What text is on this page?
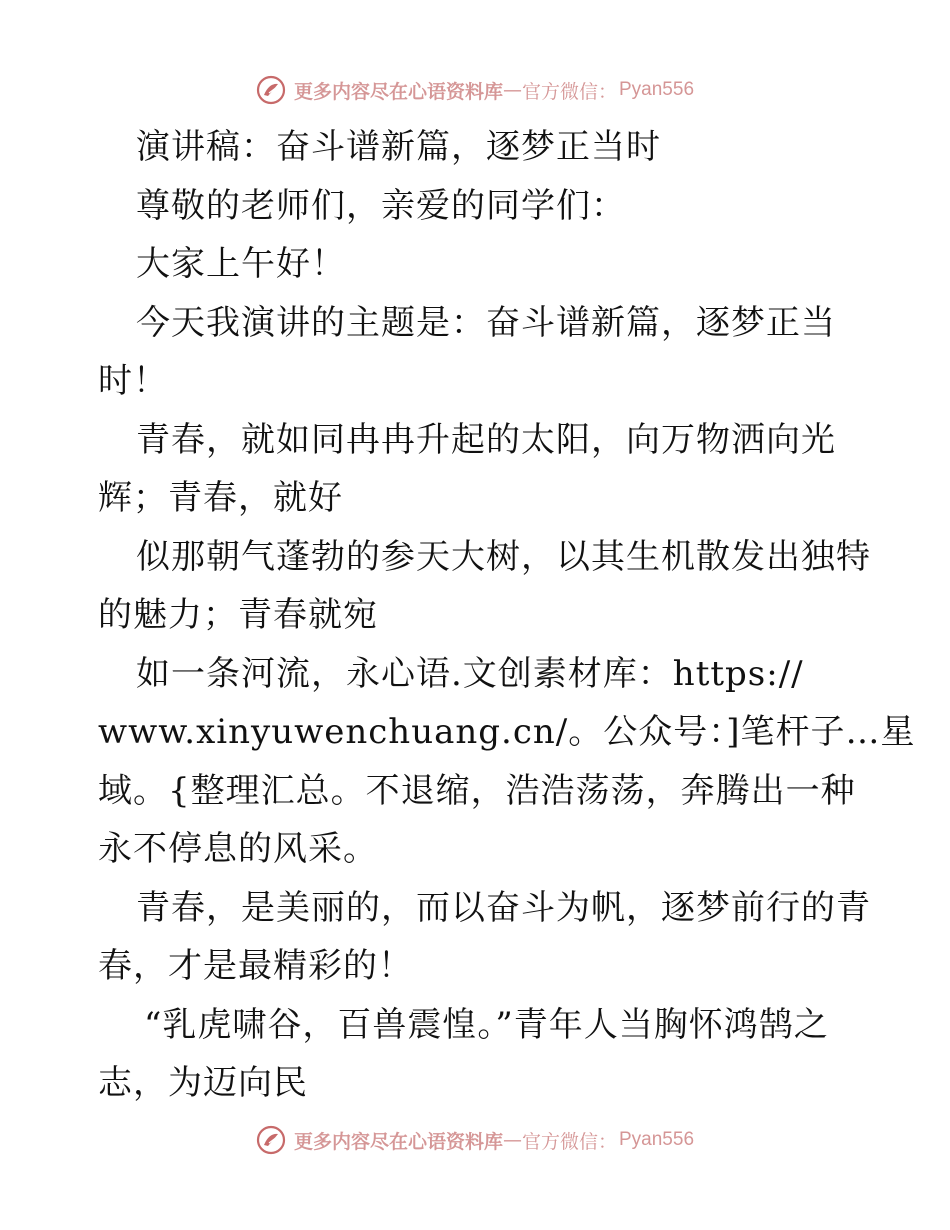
更多内容尽在心语资料库 — 官方微信： Pyan556
演讲稿：奋斗谱新篇，逐梦正当时
尊敬的老师们，亲爱的同学们：
大家上午好！
今天我演讲的主题是：奋斗谱新篇，逐梦正当
时！
青春，就如同冉冉升起的太阳，向万物洒向光
辉；青春，就好
似那朝气蓬勃的参天大树，以其生机散发出独特
的魅力；青春就宛
如一条河流，永心语.文创素材库：https://
www.xinyuwenchuang.cn/。公众号：]笔杆子…星
域。{整理汇总。不退缩，浩浩荡荡，奔腾出一种
永不停息的风采。
青春，是美丽的，而以奋斗为帆，逐梦前行的青
春，才是最精彩的！
“乳虎啸谷，百兽震惶。”青年人当胸怀鸿鹄之
志，为迈向民
更多内容尽在心语资料库 — 官方微信： Pyan556
